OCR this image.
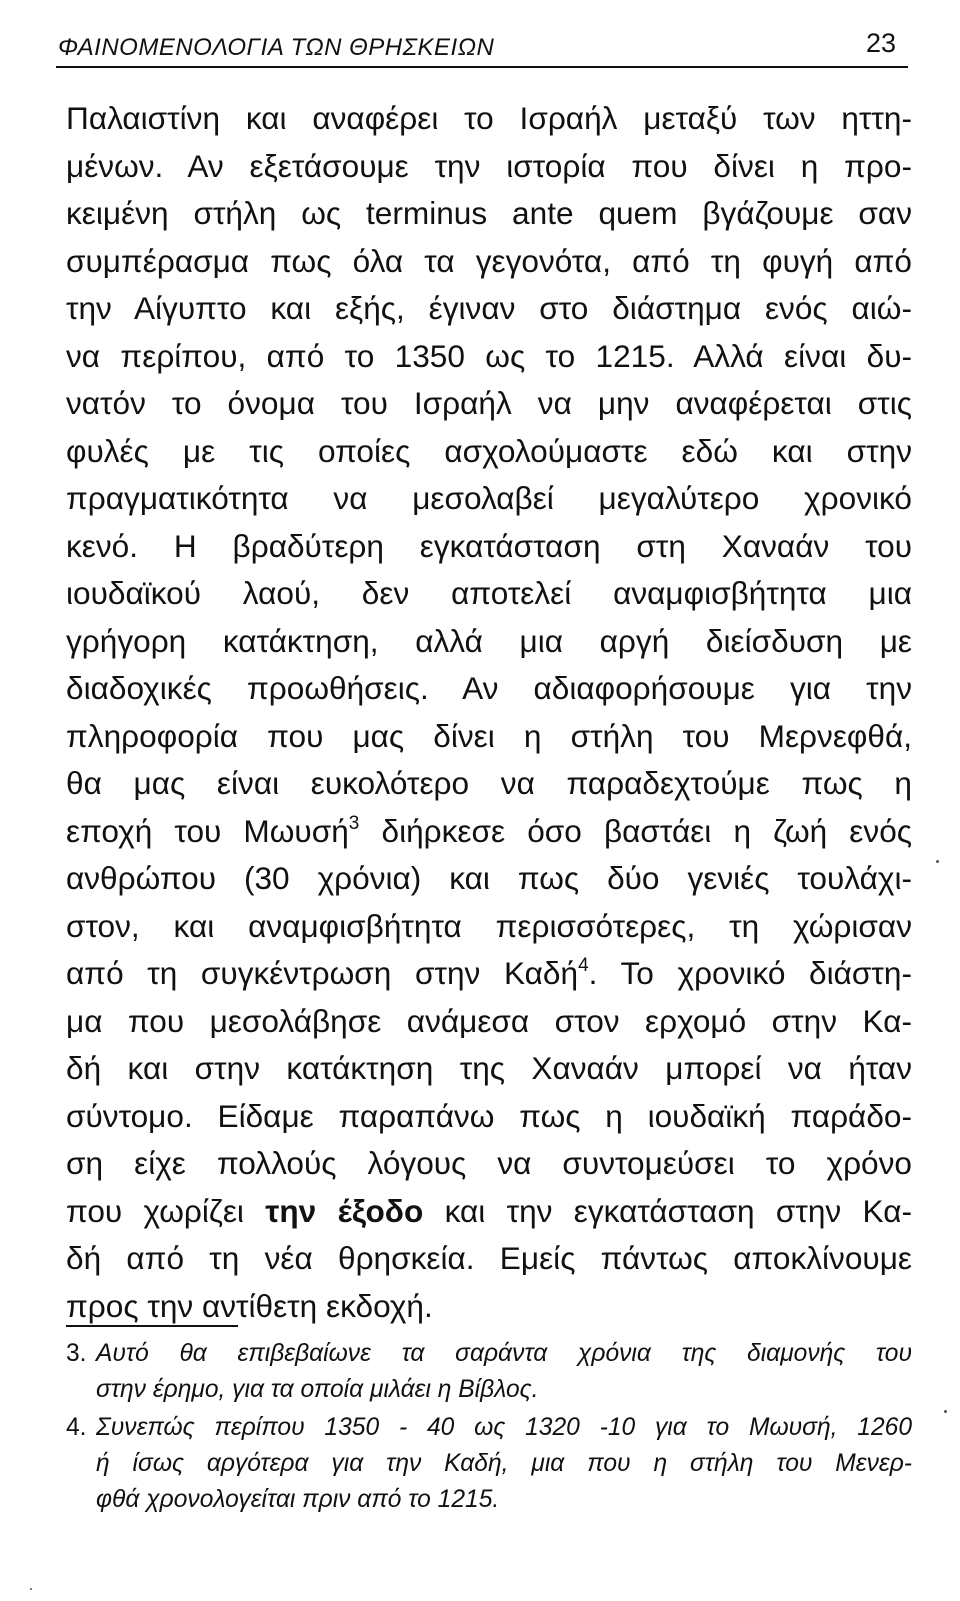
ΦΑΙΝΟΜΕΝΟΛΟΓΙΑ ΤΩΝ ΘΡΗΣΚΕΙΩΝ	23
Παλαιστίνη και αναφέρει το Ισραήλ μεταξύ των ηττη-
μένων. Αν εξετάσουμε την ιστορία που δίνει η προ-
κειμένη στήλη ως terminus ante quem βγάζουμε σαν
συμπέρασμα πως όλα τα γεγονότα, από τη φυγή από
την Αίγυπτο και εξής, έγιναν στο διάστημα ενός αιώ-
να περίπου, από το 1350 ως το 1215. Αλλά είναι δυ-
νατόν το όνομα του Ισραήλ να μην αναφέρεται στις
φυλές με τις οποίες ασχολούμαστε εδώ και στην
πραγματικότητα να μεσολαβεί μεγαλύτερο χρονικό
κενό. Η βραδύτερη εγκατάσταση στη Χαναάν του
ιουδαϊκού λαού, δεν αποτελεί αναμφισβήτητα μια
γρήγορη κατάκτηση, αλλά μια αργή διείσδυση με
διαδοχικές προωθήσεις. Αν αδιαφορήσουμε για την
πληροφορία που μας δίνει η στήλη του Μερνεφθά,
θα μας είναι ευκολότερο να παραδεχτούμε πως η
εποχή του Μωυσή$^3$ διήρκεσε όσο βαστάει η ζωή ενός
ανθρώπου (30 χρόνια) και πως δύο γενιές τουλάχι-
στον, και αναμφισβήτητα περισσότερες, τη χώρισαν
από τη συγκέντρωση στην Καδή$^4$. Το χρονικό διάστη-
μα που μεσολάβησε ανάμεσα στον ερχομό στην Κα-
δή και στην κατάκτηση της Χαναάν μπορεί να ήταν
σύντομο. Είδαμε παραπάνω πως η ιουδαϊκή παράδο-
ση είχε πολλούς λόγους να συντομεύσει το χρόνο
που χωρίζει την έξοδο και την εγκατάσταση στην Κα-
δή από τη νέα θρησκεία. Εμείς πάντως αποκλίνουμε
προς την αντίθετη εκδοχή.
3. Αυτό θα επιβεβαίωνε τα σαράντα χρόνια της διαμονής του
στην έρημο, για τα οποία μιλάει η Βίβλος.
4. Συνεπώς περίπου 1350 - 40 ως 1320 -10 για το Μωυσή, 1260
ή ίσως αργότερα για την Καδή, μια που η στήλη του Μενερ-
φθά χρονολογείται πριν από το 1215.
